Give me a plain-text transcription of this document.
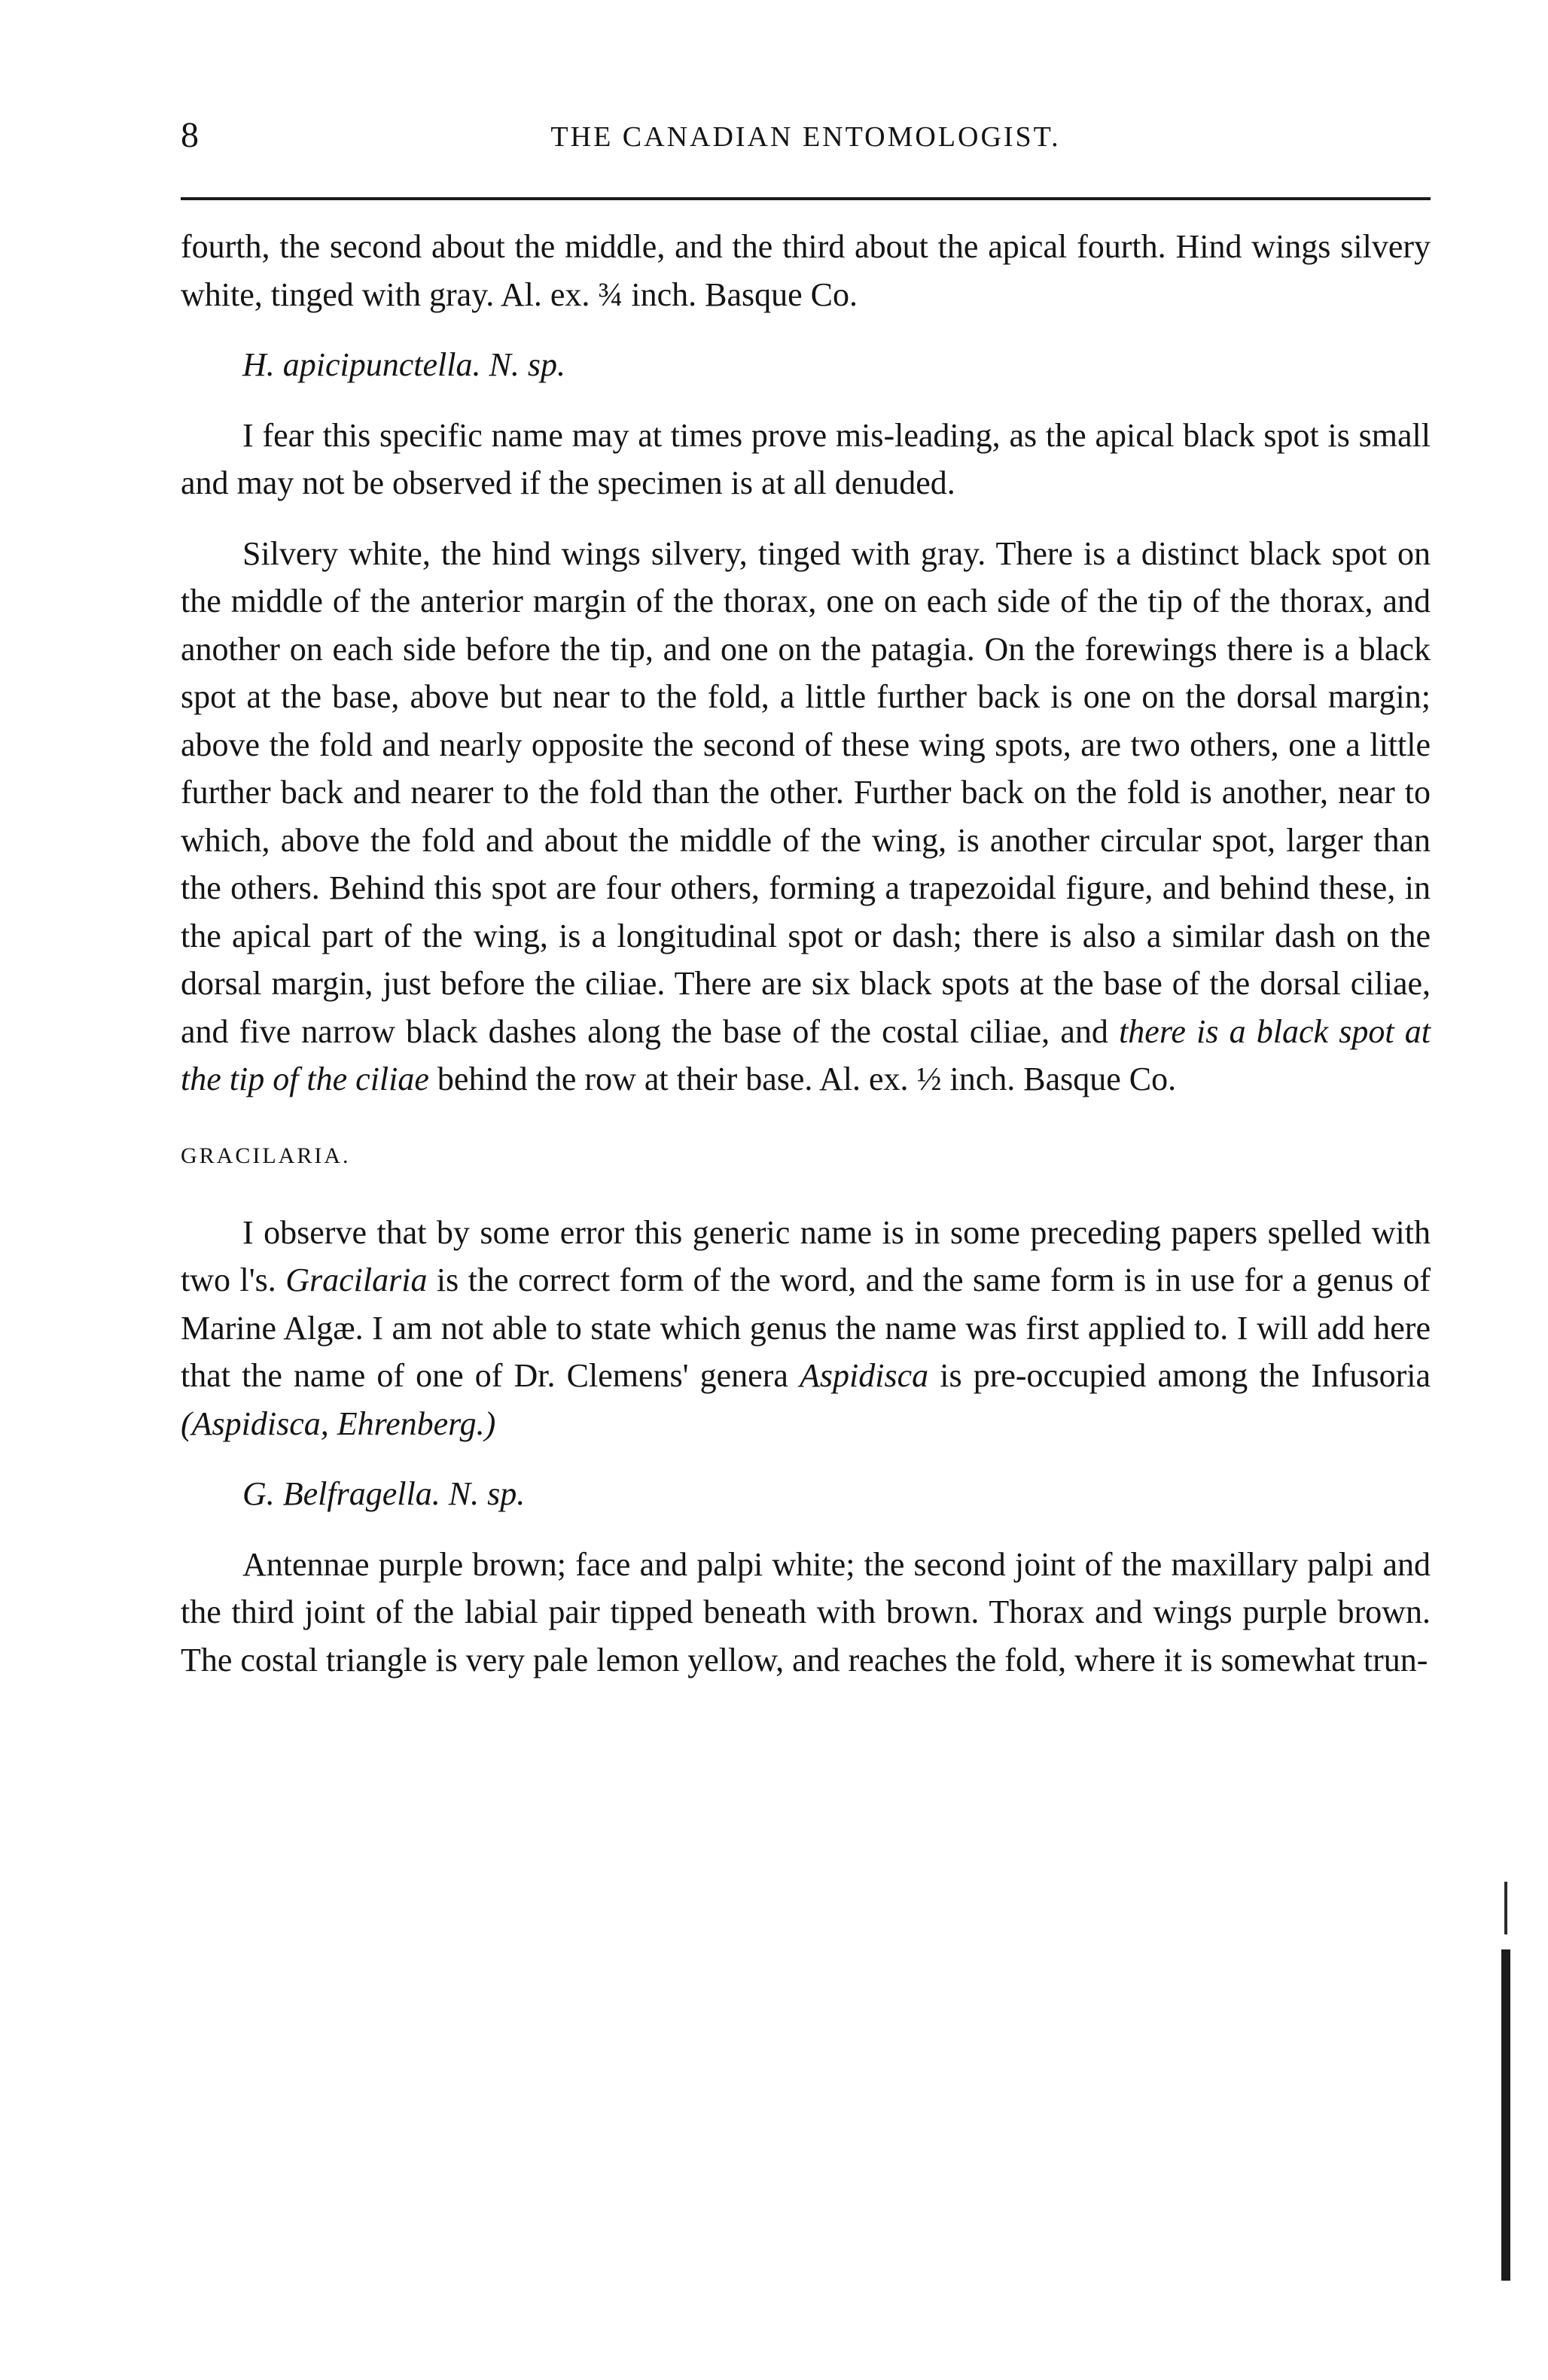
8	THE CANADIAN ENTOMOLOGIST.

fourth, the second about the middle, and the third about the apical fourth. Hind wings silvery white, tinged with gray. Al. ex. ¾ inch. Basque Co.

H. apicipunctella. N. sp.

I fear this specific name may at times prove mis-leading, as the apical black spot is small and may not be observed if the specimen is at all denuded.

Silvery white, the hind wings silvery, tinged with gray. There is a distinct black spot on the middle of the anterior margin of the thorax, one on each side of the tip of the thorax, and another on each side before the tip, and one on the patagia. On the forewings there is a black spot at the base, above but near to the fold, a little further back is one on the dorsal margin; above the fold and nearly opposite the second of these wing spots, are two others, one a little further back and nearer to the fold than the other. Further back on the fold is another, near to which, above the fold and about the middle of the wing, is another circular spot, larger than the others. Behind this spot are four others, forming a trapezoidal figure, and behind these, in the apical part of the wing, is a longitudinal spot or dash; there is also a similar dash on the dorsal margin, just before the ciliae. There are six black spots at the base of the dorsal ciliae, and five narrow black dashes along the base of the costal ciliae, and there is a black spot at the tip of the ciliae behind the row at their base. Al. ex. ½ inch. Basque Co.

GRACILARIA.

I observe that by some error this generic name is in some preceding papers spelled with two l's. Gracilaria is the correct form of the word, and the same form is in use for a genus of Marine Algæ. I am not able to state which genus the name was first applied to. I will add here that the name of one of Dr. Clemens' genera Aspidisca is pre-occupied among the Infusoria (Aspidisca, Ehrenberg.)

G. Belfragella. N. sp.

Antennae purple brown; face and palpi white; the second joint of the maxillary palpi and the third joint of the labial pair tipped beneath with brown. Thorax and wings purple brown. The costal triangle is very pale lemon yellow, and reaches the fold, where it is somewhat trun-
